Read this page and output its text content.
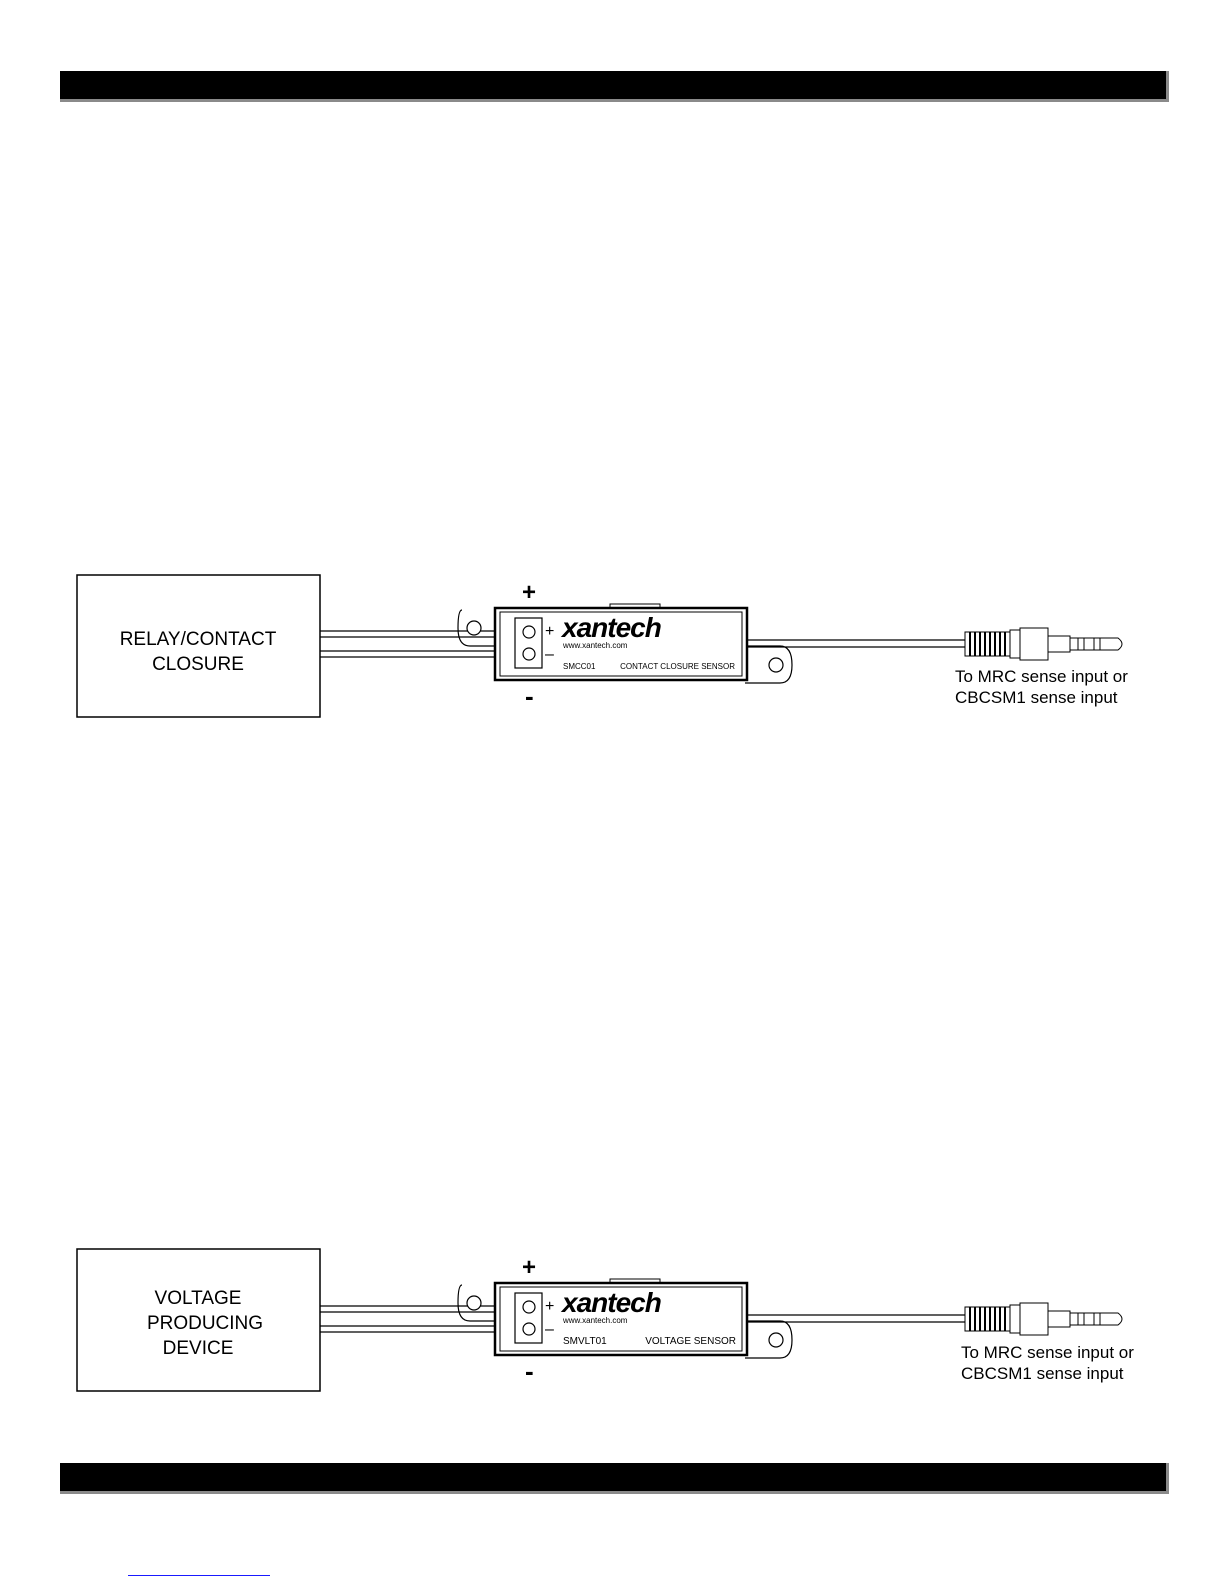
RELAY/CONTACT
CLOSURE
+
–
xantech
www.xantech.com
SMCC01	CONTACT CLOSURE SENSOR
+
-
To MRC sense input or
CBCSM1 sense input
VOLTAGE
PRODUCING
DEVICE
+
–
xantech
www.xantech.com
SMVLT01	VOLTAGE SENSOR
+
-
To MRC sense input or
CBCSM1 sense input
